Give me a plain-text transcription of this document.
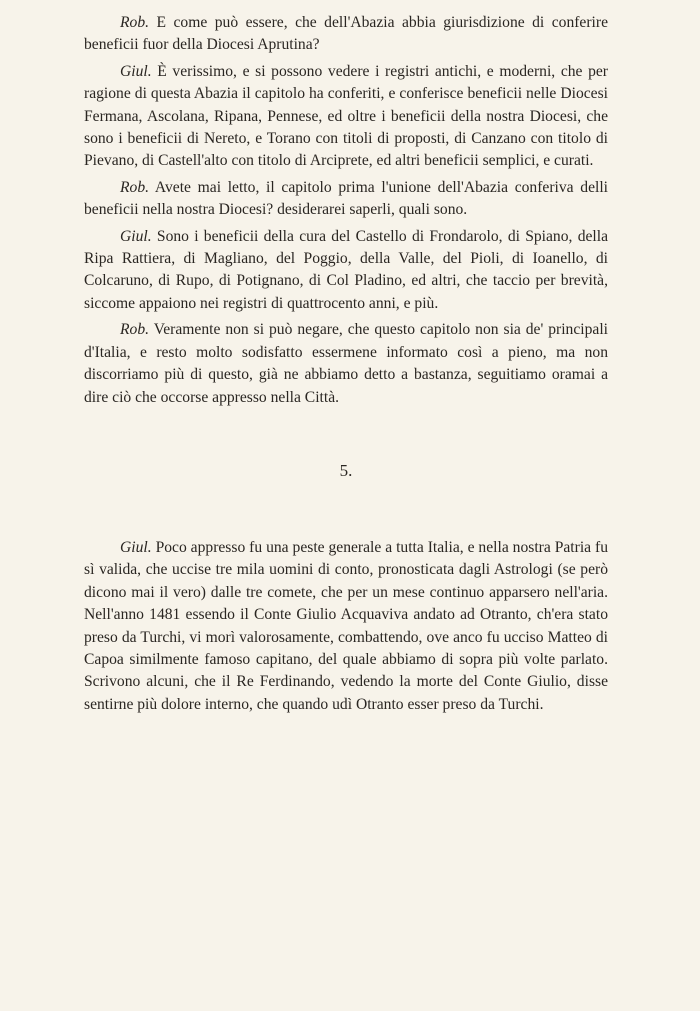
Rob. E come può essere, che dell'Abazia abbia giurisdizione di conferire beneficii fuor della Diocesi Aprutina?

Giul. È verissimo, e si possono vedere i registri antichi, e moderni, che per ragione di questa Abazia il capitolo ha conferiti, e conferisce beneficii nelle Diocesi Fermana, Ascolana, Ripana, Pennese, ed oltre i beneficii della nostra Diocesi, che sono i beneficii di Nereto, e Torano con titoli di proposti, di Canzano con titolo di Pievano, di Castell'alto con titolo di Arciprete, ed altri beneficii semplici, e curati.

Rob. Avete mai letto, il capitolo prima l'unione dell'Abazia conferiva delli beneficii nella nostra Diocesi? desiderarei saperli, quali sono.

Giul. Sono i beneficii della cura del Castello di Frondarolo, di Spiano, della Ripa Rattiera, di Magliano, del Poggio, della Valle, del Pioli, di Ioanello, di Colcaruno, di Rupo, di Potignano, di Col Pladino, ed altri, che taccio per brevità, siccome appaiono nei registri di quattrocento anni, e più.

Rob. Veramente non si può negare, che questo capitolo non sia de' principali d'Italia, e resto molto sodisfatto essermene informato così a pieno, ma non discorriamo più di questo, già ne abbiamo detto a bastanza, seguitiamo oramai a dire ciò che occorse appresso nella Città.

5.

Giul. Poco appresso fu una peste generale a tutta Italia, e nella nostra Patria fu sì valida, che uccise tre mila uomini di conto, pronosticata dagli Astrologi (se però dicono mai il vero) dalle tre comete, che per un mese continuo apparsero nell'aria. Nell'anno 1481 essendo il Conte Giulio Acquaviva andato ad Otranto, ch'era stato preso da Turchi, vi morì valorosamente, combattendo, ove anco fu ucciso Matteo di Capoa similmente famoso capitano, del quale abbiamo di sopra più volte parlato. Scrivono alcuni, che il Re Ferdinando, vedendo la morte del Conte Giulio, disse sentirne più dolore interno, che quando udì Otranto esser preso da Turchi.
